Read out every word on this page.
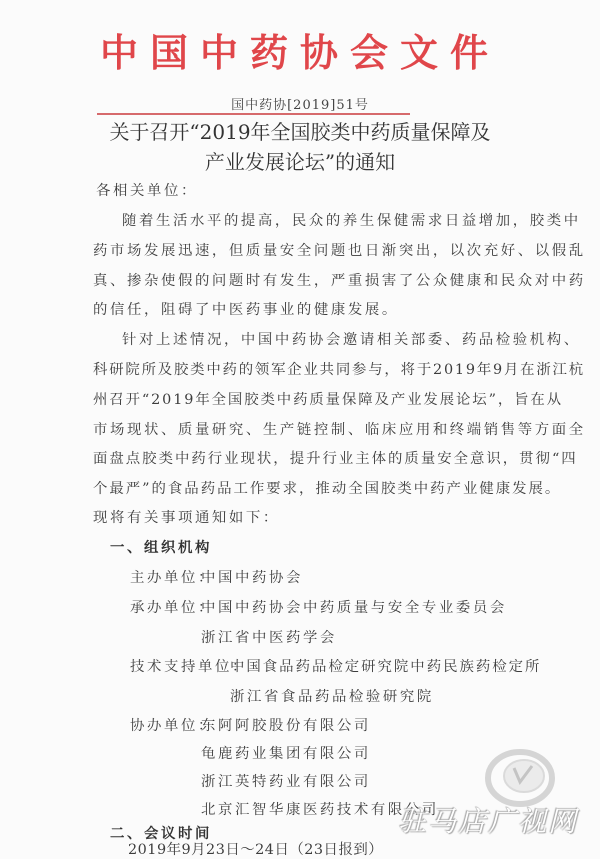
中国中药协会文件
国中药协[2019]51号
关于召开“2019年全国胶类中药质量保障及
产业发展论坛”的通知
各相关单位：
随着生活水平的提高，民众的养生保健需求日益增加，胶类中
药市场发展迅速，但质量安全问题也日渐突出，以次充好、以假乱
真、掺杂使假的问题时有发生，严重损害了公众健康和民众对中药
的信任，阻碍了中医药事业的健康发展。
针对上述情况，中国中药协会邀请相关部委、药品检验机构、
科研院所及胶类中药的领军企业共同参与，将于2019年9月在浙江杭
州召开“2019年全国胶类中药质量保障及产业发展论坛”，旨在从
市场现状、质量研究、生产链控制、临床应用和终端销售等方面全
面盘点胶类中药行业现状，提升行业主体的质量安全意识，贯彻“四
个最严”的食品药品工作要求，推动全国胶类中药产业健康发展。
现将有关事项通知如下：
一、组织机构
主办单位：
中国中药协会
承办单位：
中国中药协会中药质量与安全专业委员会
浙江省中医药学会
技术支持单位：
中国食品药品检定研究院中药民族药检定所
浙江省食品药品检验研究院
协办单位：
东阿阿胶股份有限公司
龟鹿药业集团有限公司
浙江英特药业有限公司
北京汇智华康医药技术有限公司
二、会议时间
2019年9月23日～24日（23日报到）
驻马店广视网
